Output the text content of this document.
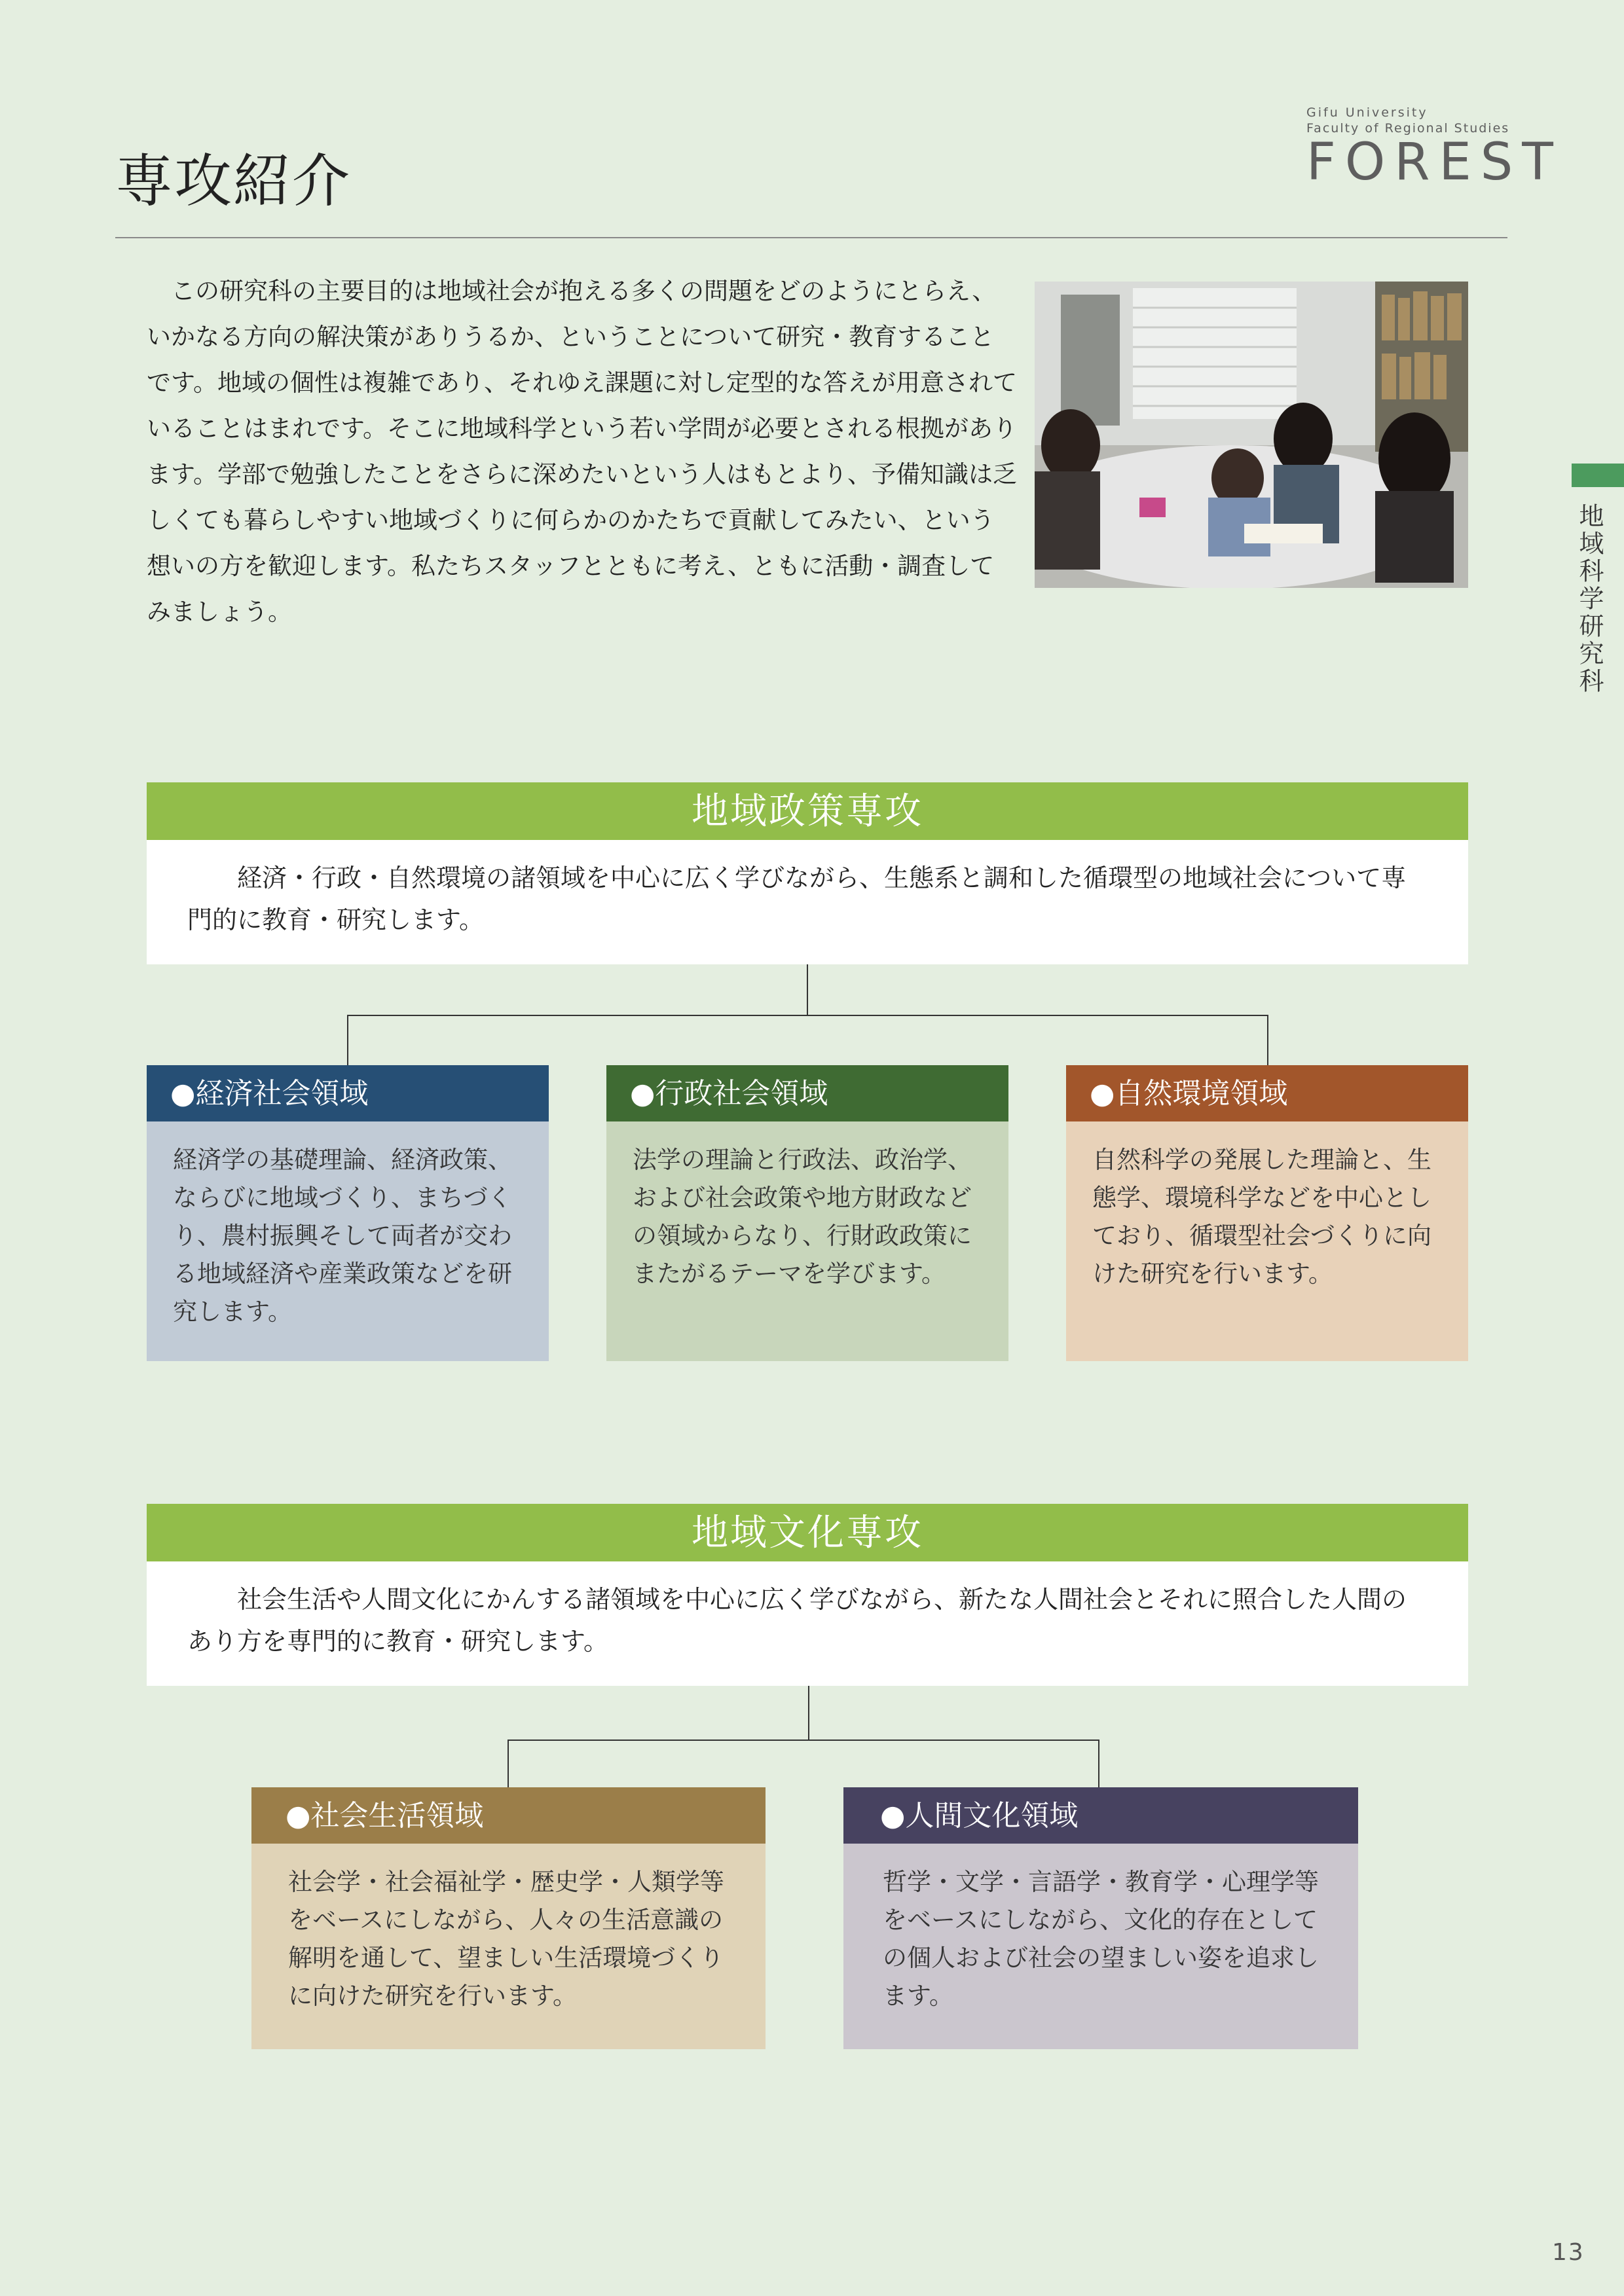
Gifu University
Faculty of Regional Studies
FOREST
専攻紹介

この研究科の主要目的は地域社会が抱える多くの問題をどのようにとらえ、いかなる方向の解決策がありうるか、ということについて研究・教育することです。地域の個性は複雑であり、それゆえ課題に対し定型的な答えが用意されていることはまれです。そこに地域科学という若い学問が必要とされる根拠があります。学部で勉強したことをさらに深めたいという人はもとより、予備知識は乏しくても暮らしやすい地域づくりに何らかのかたちで貢献してみたい、という想いの方を歓迎します。私たちスタッフとともに考え、ともに活動・調査してみましょう。	地域科学研究科
地域政策専攻

経済・行政・自然環境の諸領域を中心に広く学びながら、生態系と調和した循環型の地域社会について専門的に教育・研究します。

●経済社会領域
経済学の基礎理論、経済政策、ならびに地域づくり、まちづくり、農村振興そして両者が交わる地域経済や産業政策などを研究します。
●行政社会領域
法学の理論と行政法、政治学、および社会政策や地方財政などの領域からなり、行財政政策にまたがるテーマを学びます。
●自然環境領域
自然科学の発展した理論と、生態学、環境科学などを中心としており、循環型社会づくりに向けた研究を行います。
地域文化専攻

社会生活や人間文化にかんする諸領域を中心に広く学びながら、新たな人間社会とそれに照合した人間のあり方を専門的に教育・研究します。

●社会生活領域
社会学・社会福祉学・歴史学・人類学等をベースにしながら、人々の生活意識の解明を通して、望ましい生活環境づくりに向けた研究を行います。
●人間文化領域
哲学・文学・言語学・教育学・心理学等をベースにしながら、文化的存在としての個人および社会の望ましい姿を追求します。
13
